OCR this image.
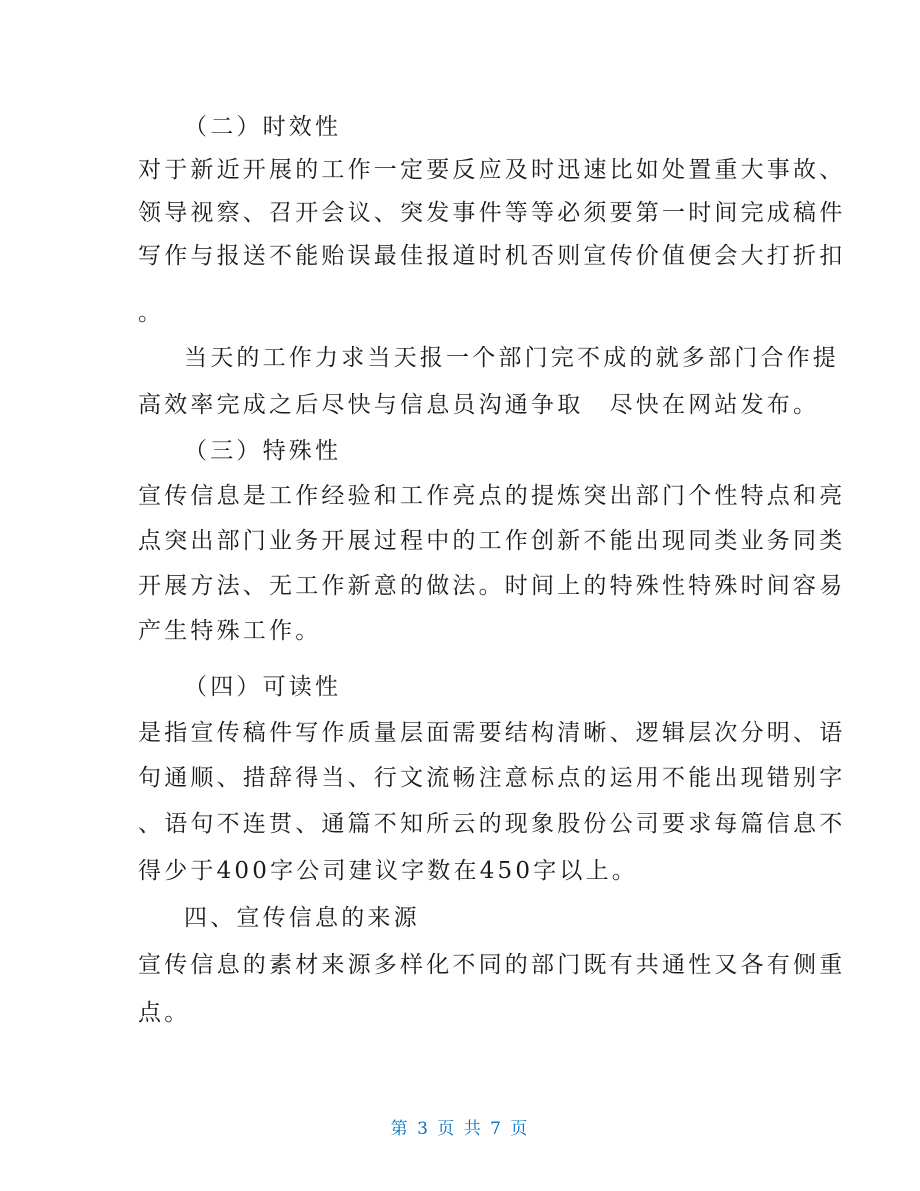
（二）时效性
对于新近开展的工作一定要反应及时迅速比如处置重大事故、
领导视察、召开会议、突发事件等等必须要第一时间完成稿件
写作与报送不能贻误最佳报道时机否则宣传价值便会大打折扣
。
当天的工作力求当天报一个部门完不成的就多部门合作提
高效率完成之后尽快与信息员沟通争取　尽快在网站发布。
（三）特殊性
宣传信息是工作经验和工作亮点的提炼突出部门个性特点和亮
点突出部门业务开展过程中的工作创新不能出现同类业务同类
开展方法、无工作新意的做法。时间上的特殊性特殊时间容易
产生特殊工作。
（四）可读性
是指宣传稿件写作质量层面需要结构清晰、逻辑层次分明、语
句通顺、措辞得当、行文流畅注意标点的运用不能出现错别字
、语句不连贯、通篇不知所云的现象股份公司要求每篇信息不
得少于400字公司建议字数在450字以上。
四、宣传信息的来源
宣传信息的素材来源多样化不同的部门既有共通性又各有侧重
点。
第 3 页 共 7 页
